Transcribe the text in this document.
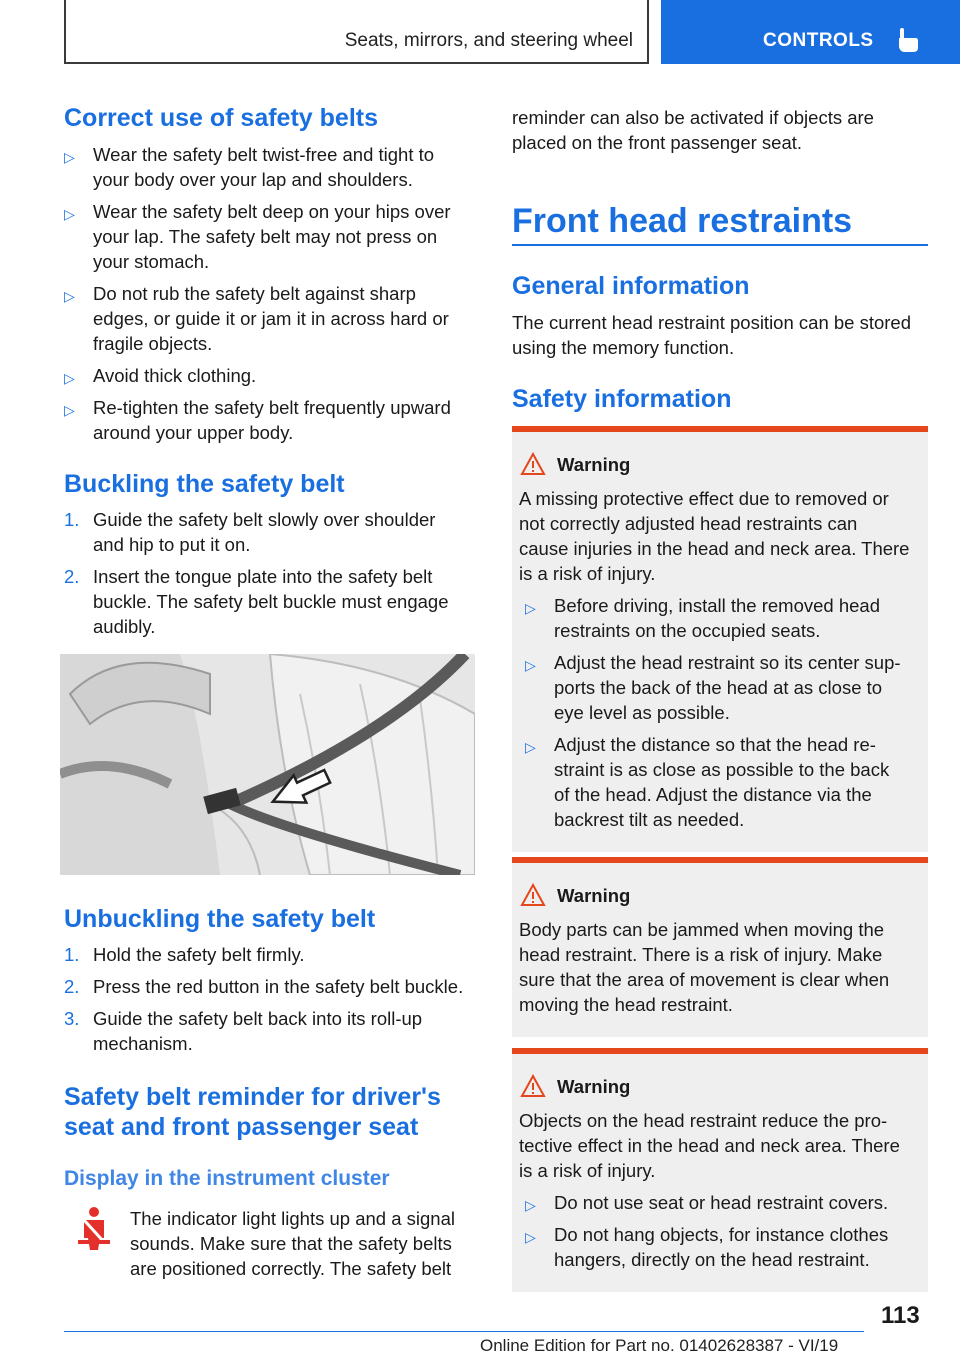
Seats, mirrors, and steering wheel	CONTROLS
Correct use of safety belts
▷ Wear the safety belt twist-free and tight to
your body over your lap and shoulders.
▷ Wear the safety belt deep on your hips over
your lap. The safety belt may not press on
your stomach.
▷ Do not rub the safety belt against sharp
edges, or guide it or jam it in across hard or
fragile objects.
▷ Avoid thick clothing.
▷ Re-tighten the safety belt frequently upward
around your upper body.
Buckling the safety belt
1. Guide the safety belt slowly over shoulder
and hip to put it on.
2. Insert the tongue plate into the safety belt
buckle. The safety belt buckle must engage
audibly.
Unbuckling the safety belt
1. Hold the safety belt firmly.
2. Press the red button in the safety belt buckle.
3. Guide the safety belt back into its roll-up
mechanism.
Safety belt reminder for driver's
seat and front passenger seat
Display in the instrument cluster
The indicator light lights up and a signal
sounds. Make sure that the safety belts
are positioned correctly. The safety belt
reminder can also be activated if objects are
placed on the front passenger seat.
Front head restraints
General information
The current head restraint position can be stored
using the memory function.
Safety information
Warning
A missing protective effect due to removed or
not correctly adjusted head restraints can
cause injuries in the head and neck area. There
is a risk of injury.
▷ Before driving, install the removed head
restraints on the occupied seats.
▷ Adjust the head restraint so its center sup-
ports the back of the head at as close to
eye level as possible.
▷ Adjust the distance so that the head re-
straint is as close as possible to the back
of the head. Adjust the distance via the
backrest tilt as needed.
Warning
Body parts can be jammed when moving the
head restraint. There is a risk of injury. Make
sure that the area of movement is clear when
moving the head restraint.
Warning
Objects on the head restraint reduce the pro-
tective effect in the head and neck area. There
is a risk of injury.
▷ Do not use seat or head restraint covers.
▷ Do not hang objects, for instance clothes
hangers, directly on the head restraint.
113
Online Edition for Part no. 01402628387 - VI/19
